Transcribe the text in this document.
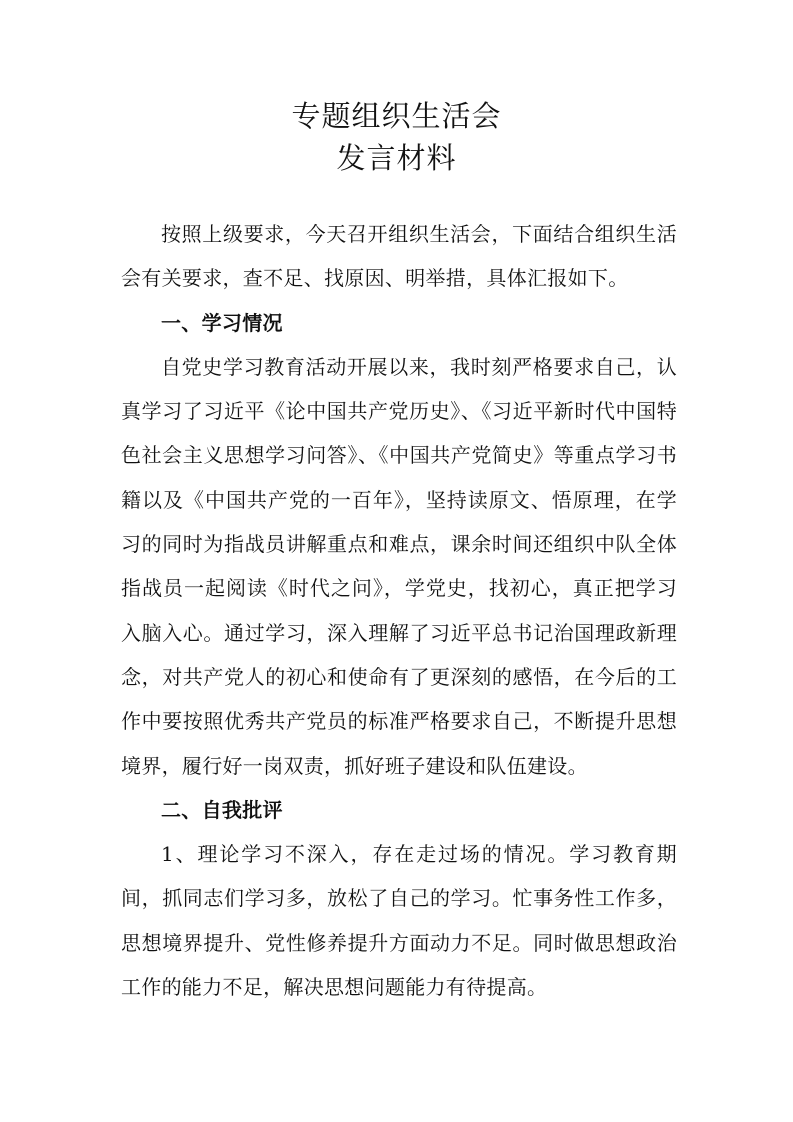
专题组织生活会
发言材料

按照上级要求，今天召开组织生活会，下面结合组织生活会有关要求，查不足、找原因、明举措，具体汇报如下。

一、学习情况

自党史学习教育活动开展以来，我时刻严格要求自己，认真学习了习近平《论中国共产党历史》、《习近平新时代中国特色社会主义思想学习问答》、《中国共产党简史》等重点学习书籍以及《中国共产党的一百年》，坚持读原文、悟原理，在学习的同时为指战员讲解重点和难点，课余时间还组织中队全体指战员一起阅读《时代之问》，学党史，找初心，真正把学习入脑入心。通过学习，深入理解了习近平总书记治国理政新理念，对共产党人的初心和使命有了更深刻的感悟，在今后的工作中要按照优秀共产党员的标准严格要求自己，不断提升思想境界，履行好一岗双责，抓好班子建设和队伍建设。

二、自我批评

1、理论学习不深入，存在走过场的情况。学习教育期间，抓同志们学习多，放松了自己的学习。忙事务性工作多，思想境界提升、党性修养提升方面动力不足。同时做思想政治工作的能力不足，解决思想问题能力有待提高。
